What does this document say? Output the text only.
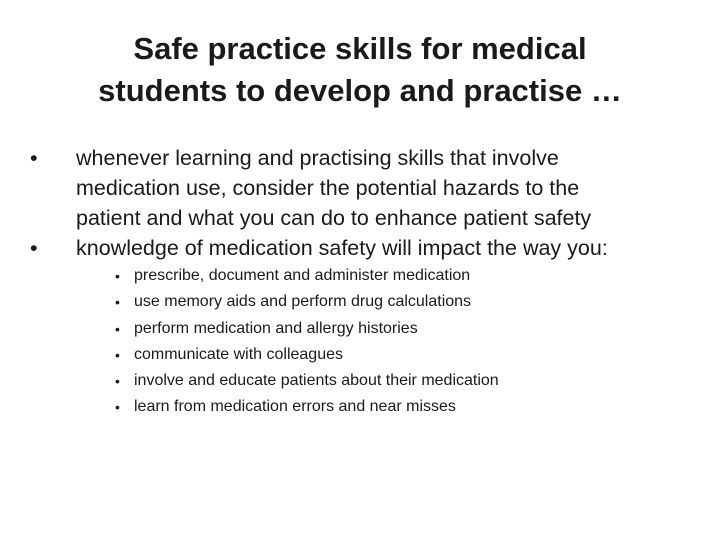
Safe practice skills for medical
students to develop and practise …
•	whenever learning and practising skills that involve
medication use, consider the potential hazards to the
patient and what you can do to enhance patient safety
•	knowledge of medication safety will impact the way you:
• prescribe, document and administer medication
• use memory aids and perform drug calculations
• perform medication and allergy histories
• communicate with colleagues
• involve and educate patients about their medication
• learn from medication errors and near misses
